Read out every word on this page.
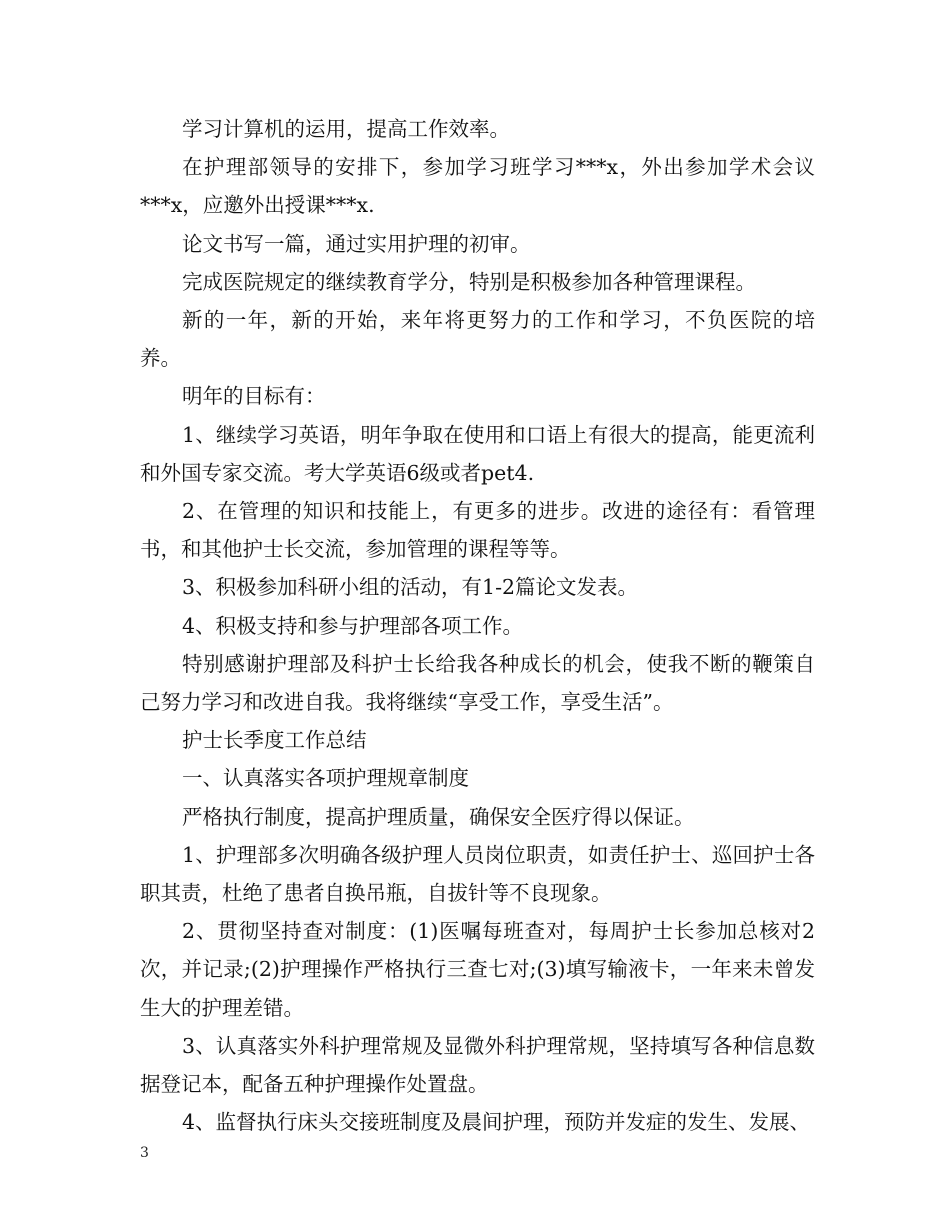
学习计算机的运用，提高工作效率。

在护理部领导的安排下，参加学习班学习***x，外出参加学术会议***x，应邀外出授课***x.

论文书写一篇，通过实用护理的初审。

完成医院规定的继续教育学分，特别是积极参加各种管理课程。

新的一年，新的开始，来年将更努力的工作和学习，不负医院的培养。

明年的目标有：

1、继续学习英语，明年争取在使用和口语上有很大的提高，能更流利和外国专家交流。考大学英语6级或者pet4.

2、在管理的知识和技能上，有更多的进步。改进的途径有：看管理书，和其他护士长交流，参加管理的课程等等。

3、积极参加科研小组的活动，有1-2篇论文发表。

4、积极支持和参与护理部各项工作。

特别感谢护理部及科护士长给我各种成长的机会，使我不断的鞭策自己努力学习和改进自我。我将继续“享受工作，享受生活”。

护士长季度工作总结

一、认真落实各项护理规章制度

严格执行制度，提高护理质量，确保安全医疗得以保证。

1、护理部多次明确各级护理人员岗位职责，如责任护士、巡回护士各职其责，杜绝了患者自换吊瓶，自拔针等不良现象。

2、贯彻坚持查对制度：(1)医嘱每班查对，每周护士长参加总核对2次，并记录;(2)护理操作严格执行三查七对;(3)填写输液卡，一年来未曾发生大的护理差错。

3、认真落实外科护理常规及显微外科护理常规，坚持填写各种信息数据登记本，配备五种护理操作处置盘。

4、监督执行床头交接班制度及晨间护理，预防并发症的发生、发展、

3
